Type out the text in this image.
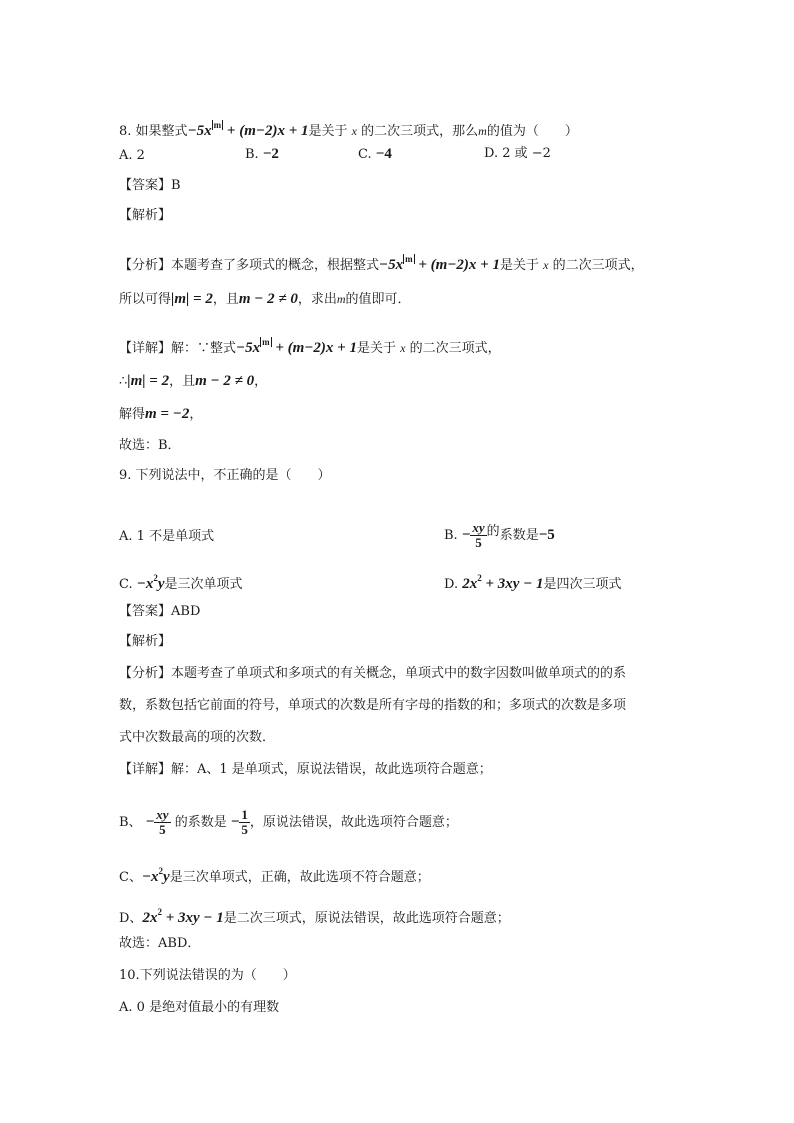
8. 如果整式−5x $^m$ + (m−2)x + 1是关于 x 的二次三项式，那么m的值为（　　）
A. 2	B. −2	C. −4	D. 2 或 −2
【答案】B
【解析】
【分析】本题考查了多项式的概念，根据整式−5x $^m$ + (m−2)x + 1是关于 x 的二次三项式，
所以可得|m| = 2，且m − 2 ≠ 0，求出m的值即可．
【详解】解：∵整式−5x $^m$ + (m−2)x + 1是关于 x 的二次三项式，
∴|m| = 2，且m − 2 ≠ 0，
解得m = −2，
故选：B．
9. 下列说法中，不正确的是（　　）
A. 1 不是单项式	B. − $\frac{xy}{5}$ 的系数是−5
C. $-x^2y$是三次单项式	D. $2x^2 + 3xy - 1$是四次三项式
【答案】ABD
【解析】
【分析】本题考查了单项式和多项式的有关概念，单项式中的数字因数叫做单项式的的系
数，系数包括它前面的符号，单项式的次数是所有字母的指数的和；多项式的次数是多项
式中次数最高的项的次数．
【详解】解：A、1 是单项式，原说法错误，故此选项符合题意；
B、 − $\frac{xy}{5}$ 的系数是 − $\frac{1}{5}$ ，原说法错误，故此选项符合题意；
C、$-x^2y$是三次单项式，正确，故此选项不符合题意；
D、$2x^2 + 3xy - 1$是二次三项式，原说法错误，故此选项符合题意；
故选：ABD．
10.下列说法错误的为（　　）
A. 0 是绝对值最小的有理数
